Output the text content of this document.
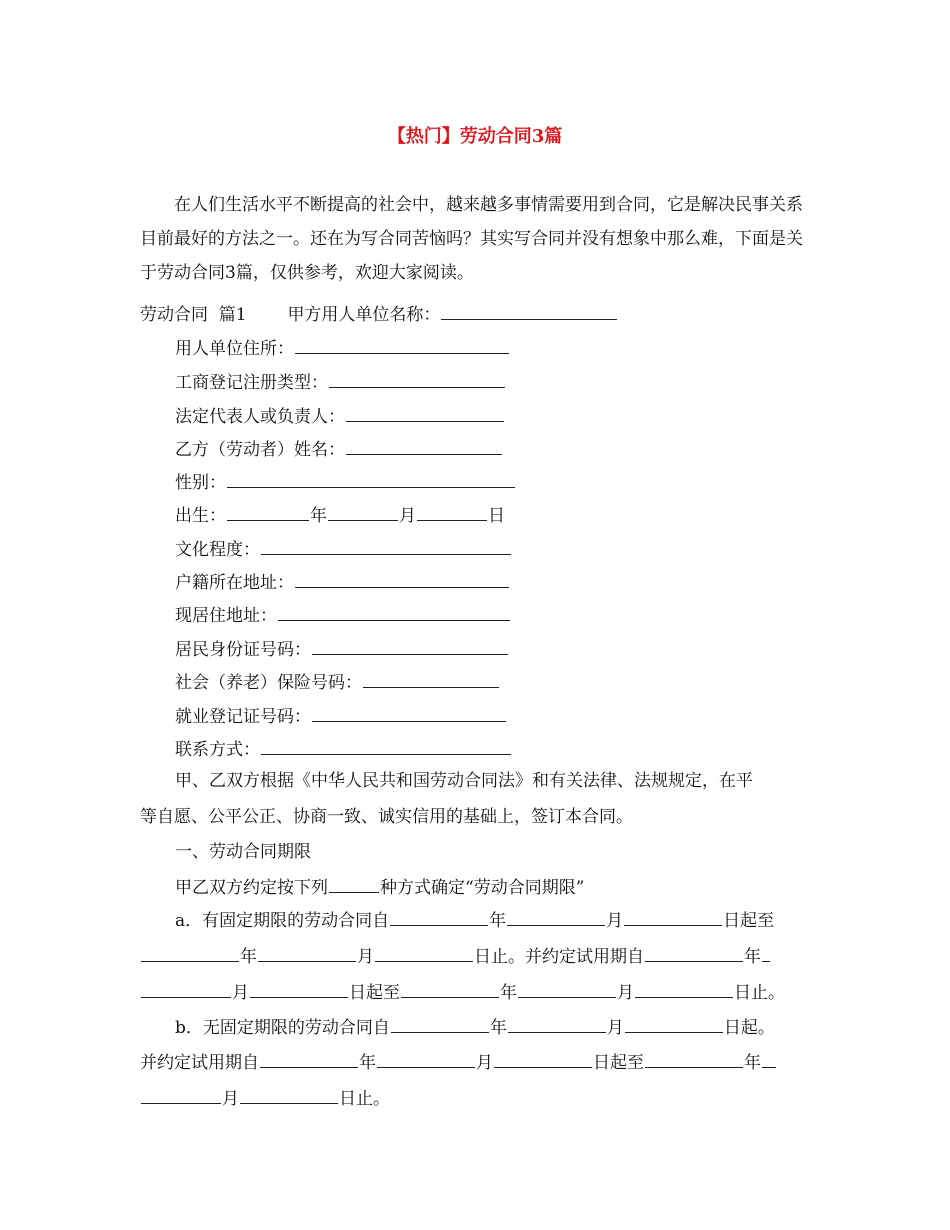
【热门】劳动合同3篇
在人们生活水平不断提高的社会中，越来越多事情需要用到合同，它是解决民事关系目前最好的方法之一。还在为写合同苦恼吗？其实写合同并没有想象中那么难，下面是关于劳动合同3篇，仅供参考，欢迎大家阅读。
劳动合同  篇1 甲方用人单位名称：
用人单位住所：
工商登记注册类型：
法定代表人或负责人：
乙方（劳动者）姓名：
性别：
出生：	年	月	日
文化程度：
户籍所在地址：
现居住地址：
居民身份证号码：
社会（养老）保险号码：
就业登记证号码：
联系方式：
甲、乙双方根据《中华人民共和国劳动合同法》和有关法律、法规规定，在平
等自愿、公平公正、协商一致、诚实信用的基础上，签订本合同。
一、劳动合同期限
甲乙双方约定按下列	种方式确定“劳动合同期限”
a．有固定期限的劳动合同自	年	月	日起至
年	月	日止。并约定试用期自	年
月	日起至	年	月	日止。
b．无固定期限的劳动合同自	年	月	日起。
并约定试用期自	年	月	日起至	年
月	日止。
